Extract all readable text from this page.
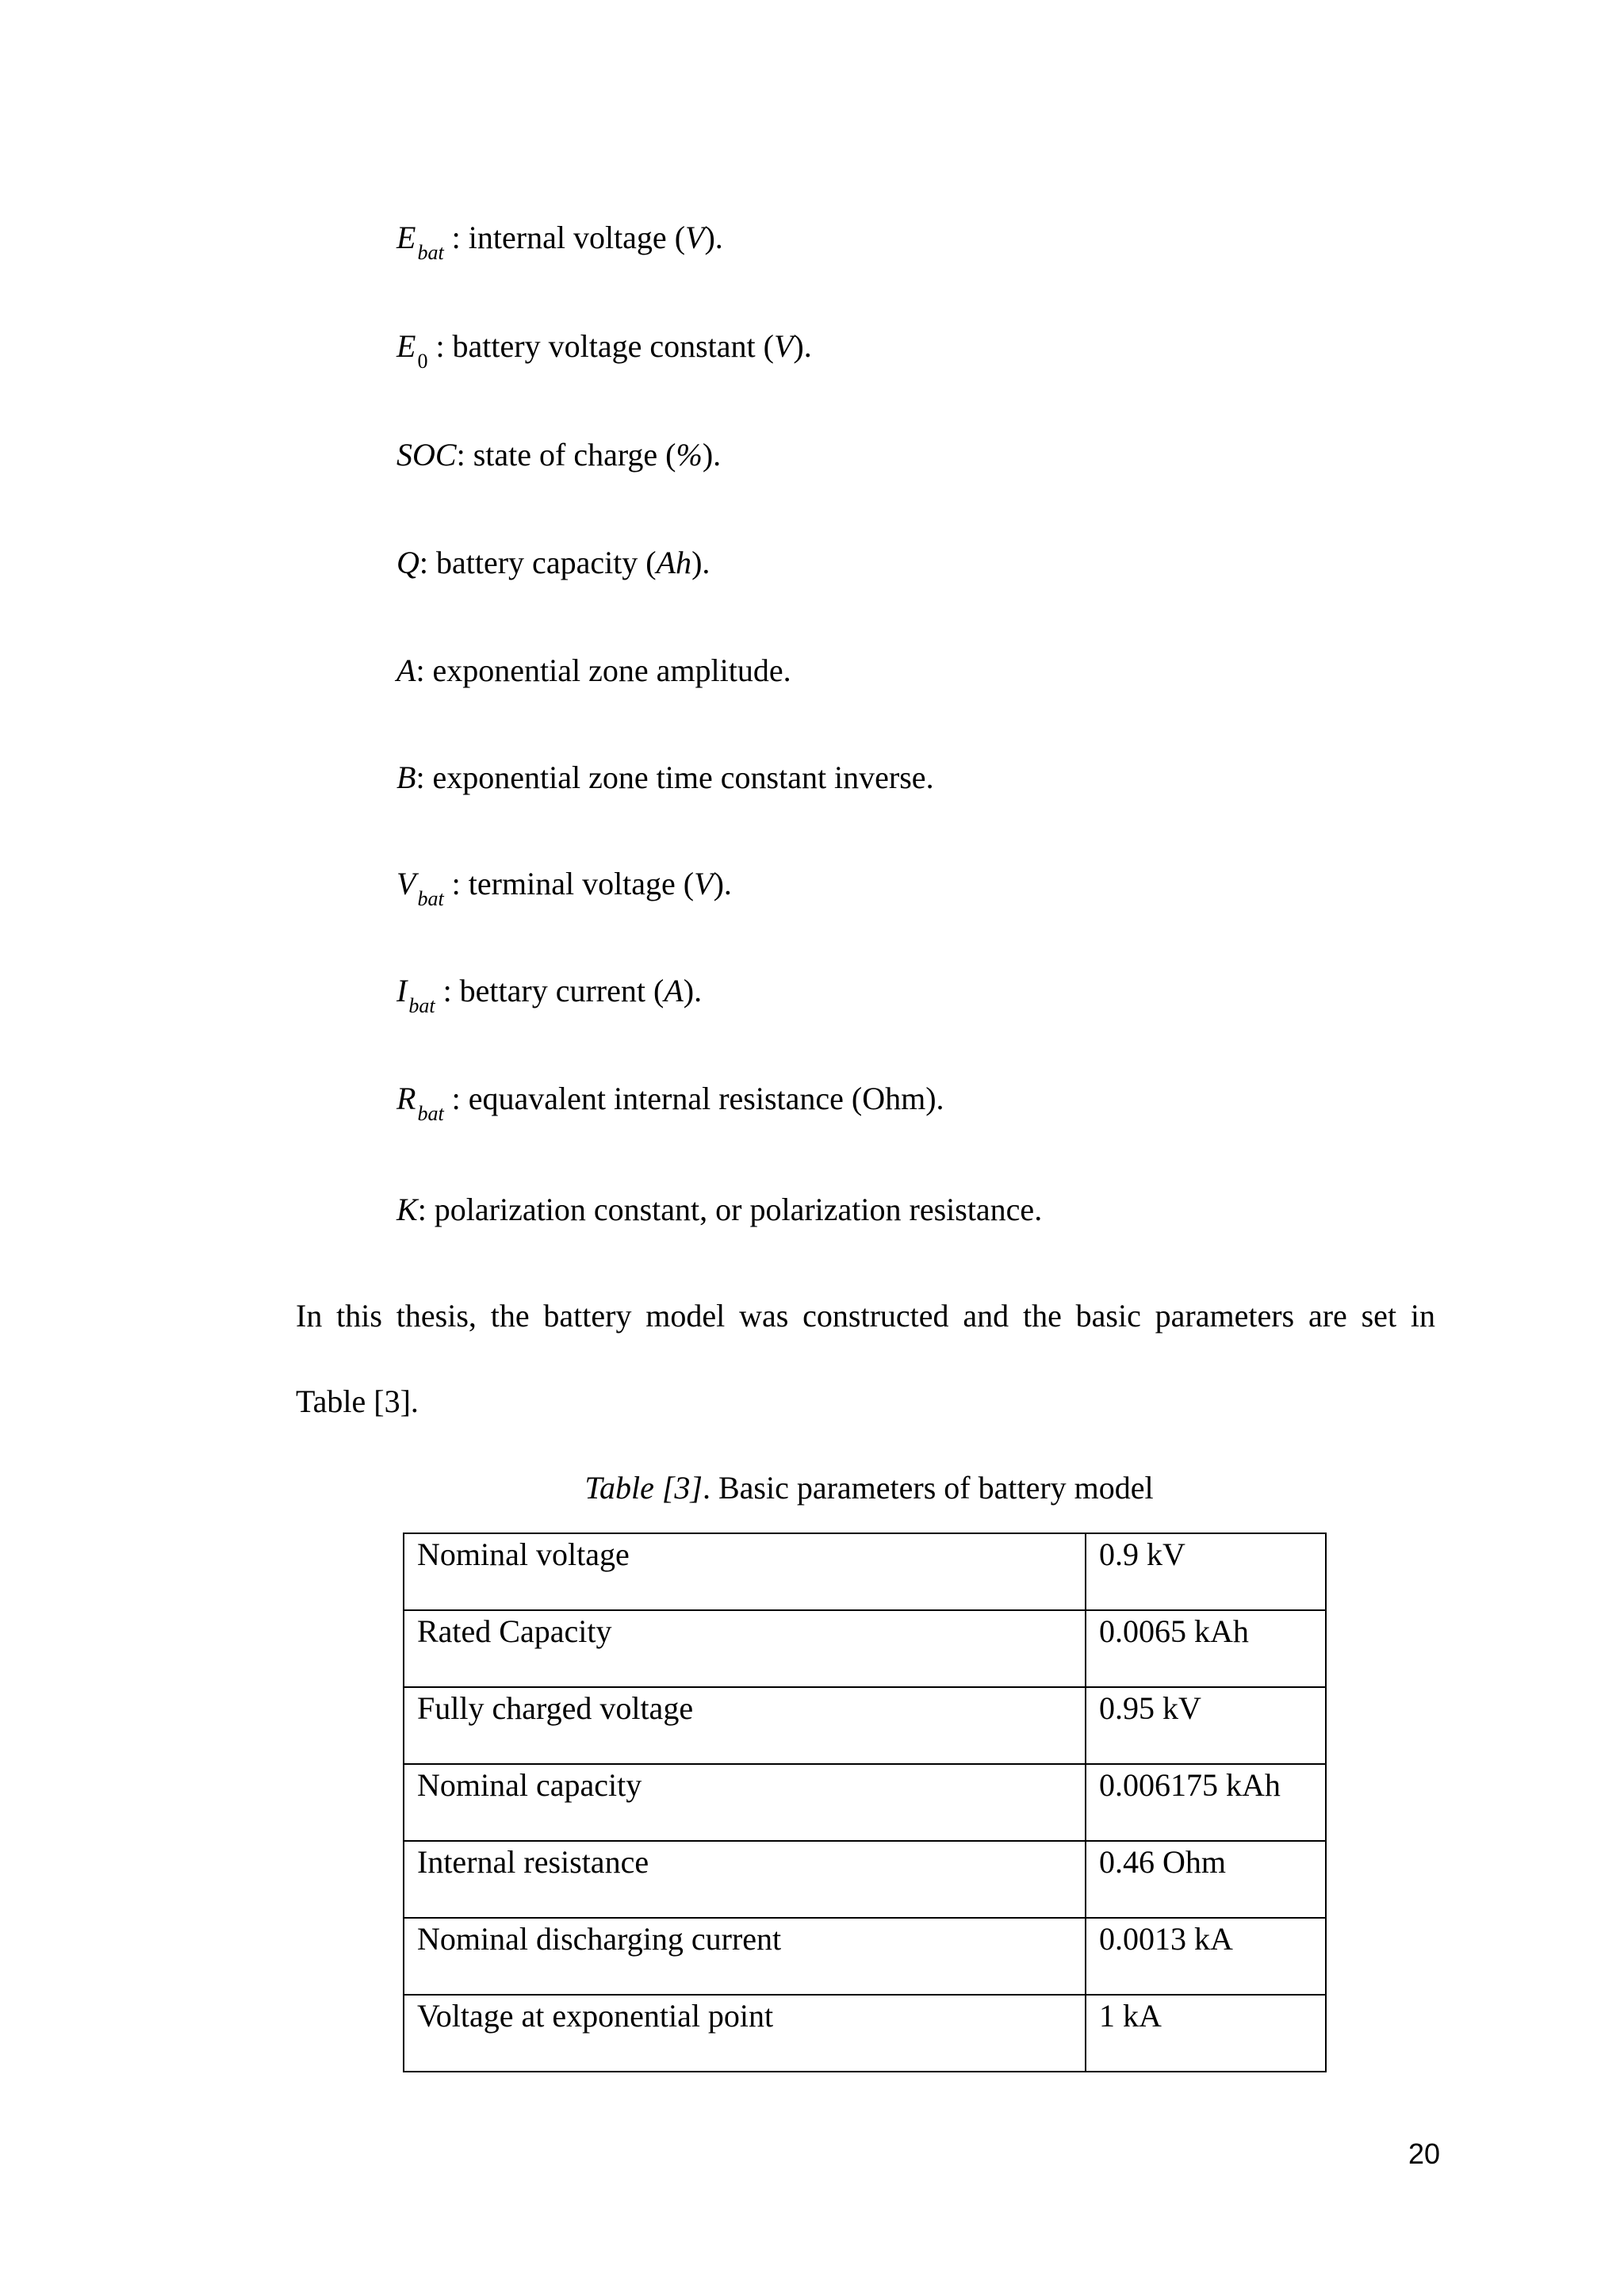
$E_{bat}$ : internal voltage (V).
$E_0$ : battery voltage constant (V).
SOC: state of charge (%).
Q: battery capacity (Ah).
A: exponential zone amplitude.
B: exponential zone time constant inverse.
$V_{bat}$ : terminal voltage (V).
$I_{bat}$ : bettary current (A).
$R_{bat}$ : equavalent internal resistance (Ohm).
K: polarization constant, or polarization resistance.
In this thesis, the battery model was constructed and the basic parameters are set in
Table [3].
Table [3]. Basic parameters of battery model
Nominal voltage	0.9 kV
Rated Capacity	0.0065 kAh
Fully charged voltage	0.95 kV
Nominal capacity	0.006175 kAh
Internal resistance	0.46 Ohm
Nominal discharging current	0.0013 kA
Voltage at exponential point	1 kA
20
